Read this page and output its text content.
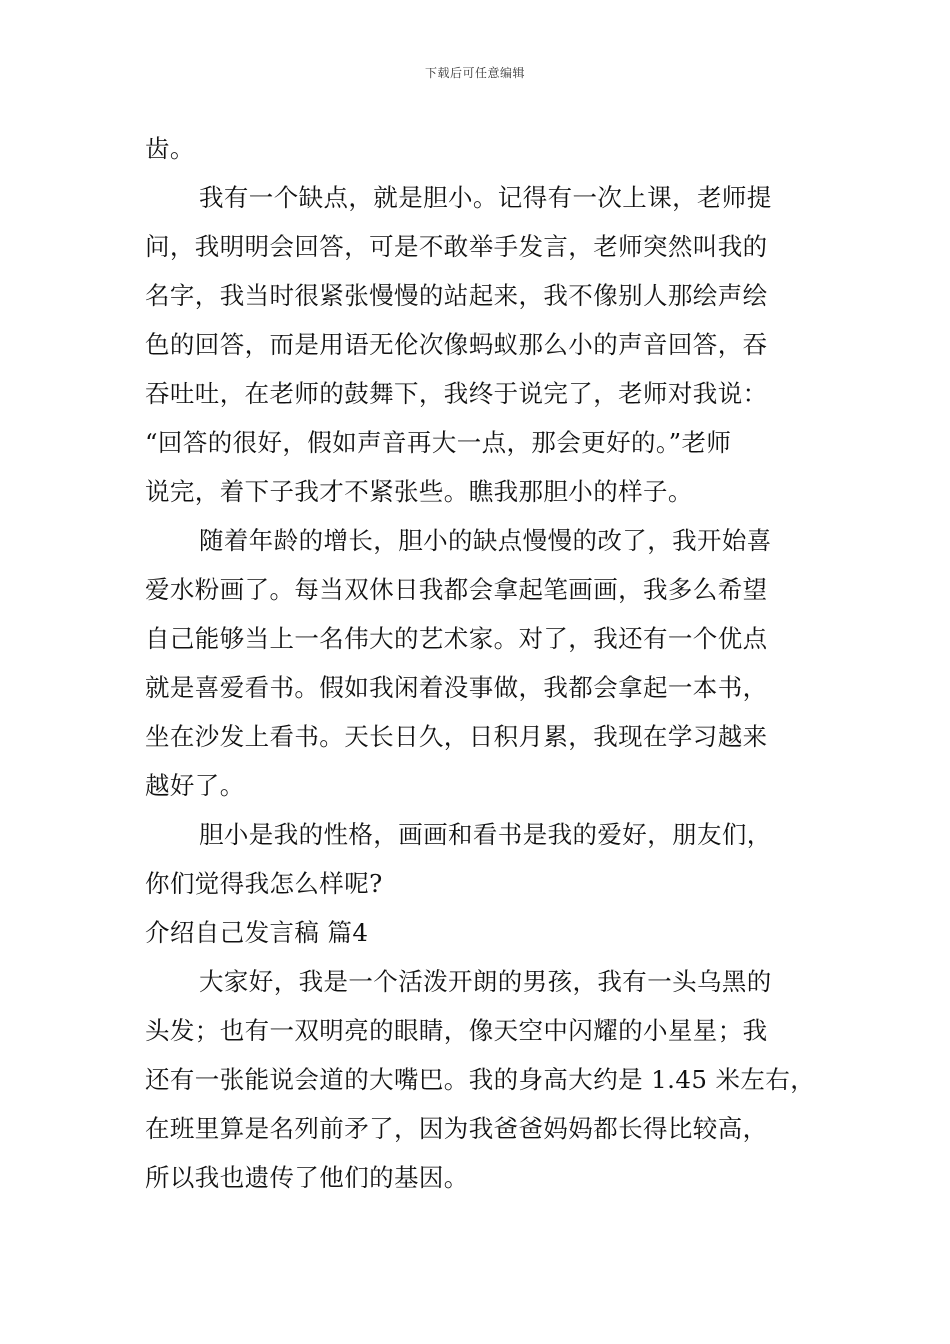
下载后可任意编辑
齿。
我有一个缺点，就是胆小。记得有一次上课，老师提
问，我明明会回答，可是不敢举手发言，老师突然叫我的
名字，我当时很紧张慢慢的站起来，我不像别人那绘声绘
色的回答，而是用语无伦次像蚂蚁那么小的声音回答，吞
吞吐吐，在老师的鼓舞下，我终于说完了，老师对我说：
“回答的很好，假如声音再大一点，那会更好的。”老师
说完，着下子我才不紧张些。瞧我那胆小的样子。
随着年龄的增长，胆小的缺点慢慢的改了，我开始喜
爱水粉画了。每当双休日我都会拿起笔画画，我多么希望
自己能够当上一名伟大的艺术家。对了，我还有一个优点
就是喜爱看书。假如我闲着没事做，我都会拿起一本书，
坐在沙发上看书。天长日久，日积月累，我现在学习越来
越好了。
胆小是我的性格，画画和看书是我的爱好，朋友们，
你们觉得我怎么样呢?
介绍自己发言稿 篇4
大家好，我是一个活泼开朗的男孩，我有一头乌黑的
头发；也有一双明亮的眼睛，像天空中闪耀的小星星；我
还有一张能说会道的大嘴巴。我的身高大约是 1.45 米左右，
在班里算是名列前矛了，因为我爸爸妈妈都长得比较高，
所以我也遗传了他们的基因。
